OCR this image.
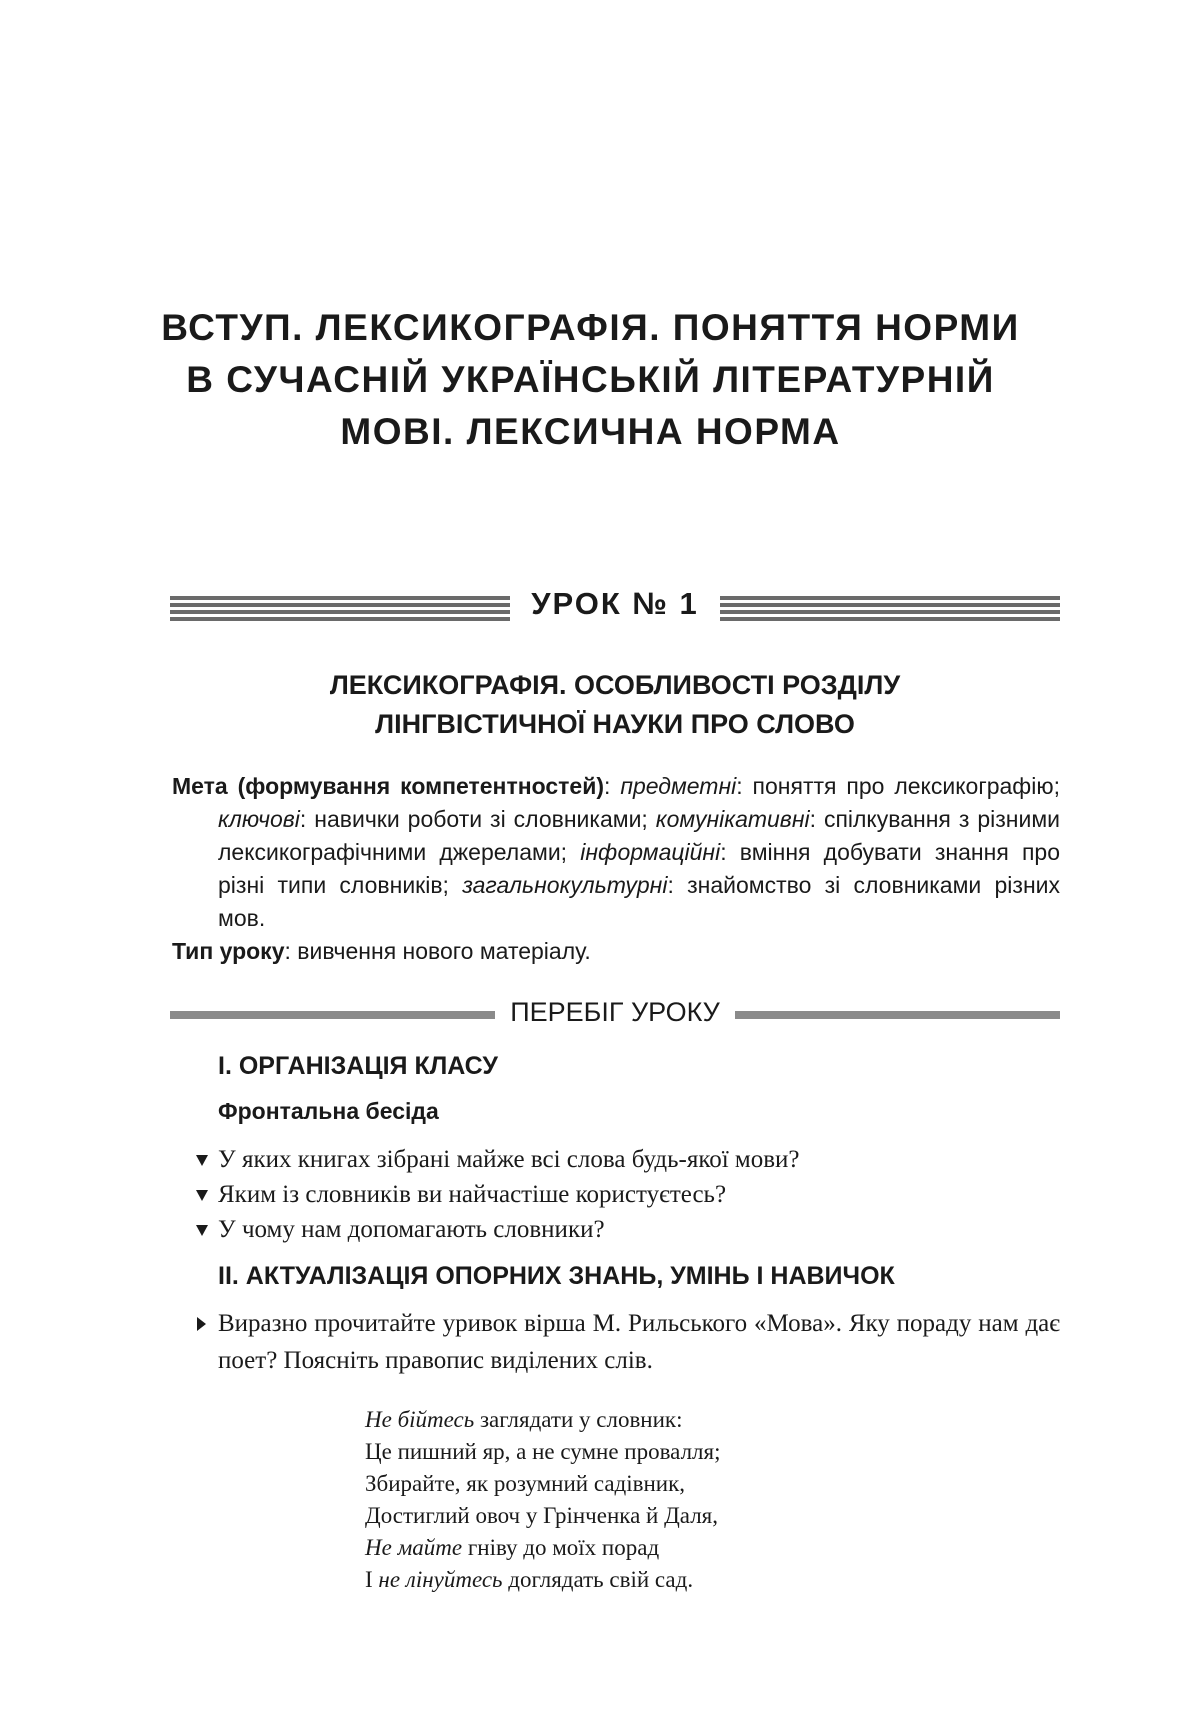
ВСТУП. ЛЕКСИКОГРАФІЯ. ПОНЯТТЯ НОРМИ
В СУЧАСНІЙ УКРАЇНСЬКІЙ ЛІТЕРАТУРНІЙ
МОВІ. ЛЕКСИЧНА НОРМА
УРОК № 1
ЛЕКСИКОГРАФІЯ. ОСОБЛИВОСТІ РОЗДІЛУ
ЛІНГВІСТИЧНОЇ НАУКИ ПРО СЛОВО

Мета (формування компетентностей): предметні: поняття про лексикографію; ключові: навички роботи зі словниками; комунікативні: спілкування з різними лексикографічними джерелами; інформаційні: вміння добувати знання про різні типи словників; загальнокультурні: знайомство зі словниками різних мов.

Тип уроку: вивчення нового матеріалу.

ПЕРЕБІГ УРОКУ
I. ОРГАНІЗАЦІЯ КЛАСУ
Фронтальна бесіда
У яких книгах зібрані майже всі слова будь-якої мови?
Яким із словників ви найчастіше користуєтесь?
У чому нам допомагають словники?
II. АКТУАЛІЗАЦІЯ ОПОРНИХ ЗНАНЬ, УМІНЬ І НАВИЧОК
Виразно прочитайте уривок вірша М. Рильського «Мова». Яку пораду нам дає поет? Поясніть правопис виділених слів.
Не бійтесь заглядати у словник:
Це пишний яр, а не сумне провалля;
Збирайте, як розумний садівник,
Достиглий овоч у Грінченка й Даля,
Не майте гніву до моїх порад
І не лінуйтесь доглядать свій сад.
